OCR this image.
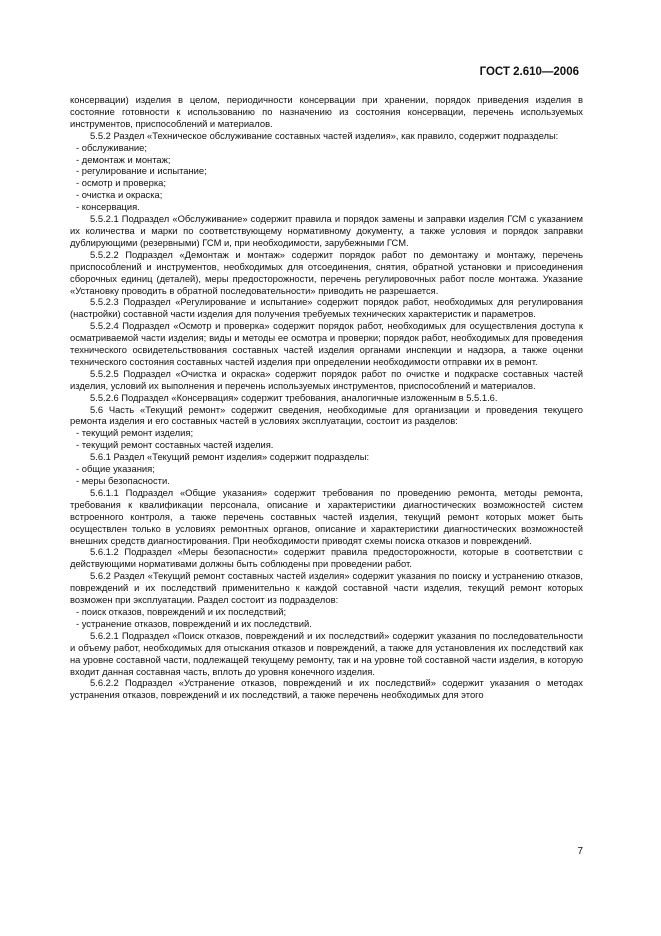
ГОСТ 2.610—2006

консервации) изделия в целом, периодичности консервации при хранении, порядок приведения изделия в состояние готовности к использованию по назначению из состояния консервации, перечень используемых инструментов, приспособлений и материалов.

5.5.2 Раздел «Техническое обслуживание составных частей изделия», как правило, содержит подразделы:

- обслуживание;

- демонтаж и монтаж;

- регулирование и испытание;

- осмотр и проверка;

- очистка и окраска;

- консервация.

5.5.2.1 Подраздел «Обслуживание» содержит правила и порядок замены и заправки изделия ГСМ с указанием их количества и марки по соответствующему нормативному документу, а также условия и порядок заправки дублирующими (резервными) ГСМ и, при необходимости, зарубежными ГСМ.

5.5.2.2 Подраздел «Демонтаж и монтаж» содержит порядок работ по демонтажу и монтажу, перечень приспособлений и инструментов, необходимых для отсоединения, снятия, обратной установки и присоединения сборочных единиц (деталей), меры предосторожности, перечень регулировочных работ после монтажа. Указание «Установку проводить в обратной последовательности» приводить не разрешается.

5.5.2.3 Подраздел «Регулирование и испытание» содержит порядок работ, необходимых для регулирования (настройки) составной части изделия для получения требуемых технических характеристик и параметров.

5.5.2.4 Подраздел «Осмотр и проверка» содержит порядок работ, необходимых для осуществления доступа к осматриваемой части изделия; виды и методы ее осмотра и проверки; порядок работ, необходимых для проведения технического освидетельствования составных частей изделия органами инспекции и надзора, а также оценки технического состояния составных частей изделия при определении необходимости отправки их в ремонт.

5.5.2.5 Подраздел «Очистка и окраска» содержит порядок работ по очистке и подкраске составных частей изделия, условий их выполнения и перечень используемых инструментов, приспособлений и материалов.

5.5.2.6 Подраздел «Консервация» содержит требования, аналогичные изложенным в 5.5.1.6.

5.6 Часть «Текущий ремонт» содержит сведения, необходимые для организации и проведения текущего ремонта изделия и его составных частей в условиях эксплуатации, состоит из разделов:

- текущий ремонт изделия;

- текущий ремонт составных частей изделия.

5.6.1 Раздел «Текущий ремонт изделия» содержит подразделы:

- общие указания;

- меры безопасности.

5.6.1.1 Подраздел «Общие указания» содержит требования по проведению ремонта, методы ремонта, требования к квалификации персонала, описание и характеристики диагностических возможностей систем встроенного контроля, а также перечень составных частей изделия, текущий ремонт которых может быть осуществлен только в условиях ремонтных органов, описание и характеристики диагностических возможностей внешних средств диагностирования. При необходимости приводят схемы поиска отказов и повреждений.

5.6.1.2 Подраздел «Меры безопасности» содержит правила предосторожности, которые в соответствии с действующими нормативами должны быть соблюдены при проведении работ.

5.6.2 Раздел «Текущий ремонт составных частей изделия» содержит указания по поиску и устранению отказов, повреждений и их последствий применительно к каждой составной части изделия, текущий ремонт которых возможен при эксплуатации. Раздел состоит из подразделов:

- поиск отказов, повреждений и их последствий;

- устранение отказов, повреждений и их последствий.

5.6.2.1 Подраздел «Поиск отказов, повреждений и их последствий» содержит указания по последовательности и объему работ, необходимых для отыскания отказов и повреждений, а также для установления их последствий как на уровне составной части, подлежащей текущему ремонту, так и на уровне той составной части изделия, в которую входит данная составная часть, вплоть до уровня конечного изделия.

5.6.2.2 Подраздел «Устранение отказов, повреждений и их последствий» содержит указания о методах устранения отказов, повреждений и их последствий, а также перечень необходимых для этого

7
